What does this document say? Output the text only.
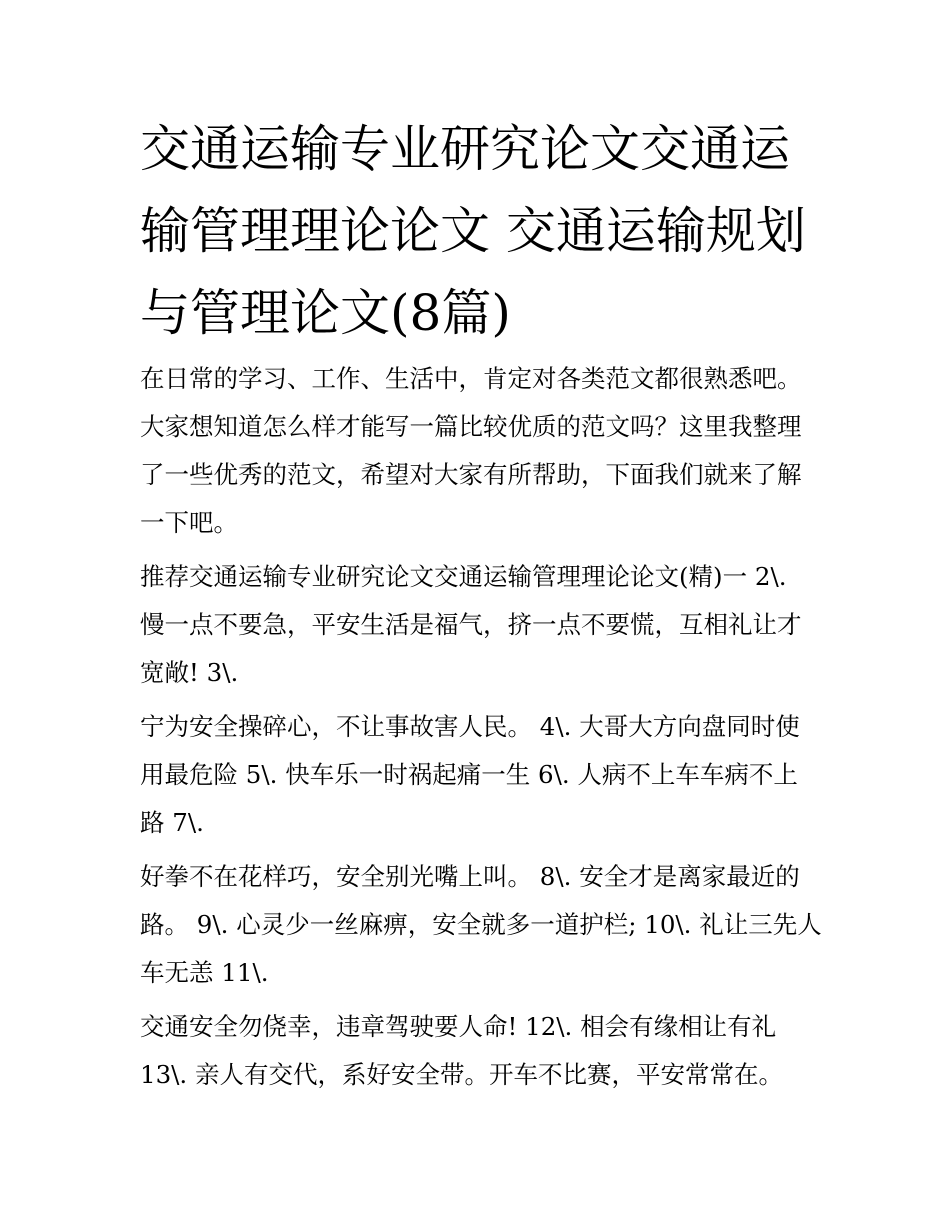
交通运输专业研究论文交通运输管理理论论文 交通运输规划与管理论文(8篇)

在日常的学习、工作、生活中，肯定对各类范文都很熟悉吧。
大家想知道怎么样才能写一篇比较优质的范文吗？这里我整理
了一些优秀的范文，希望对大家有所帮助，下面我们就来了解
一下吧。

推荐交通运输专业研究论文交通运输管理理论论文(精)一 2\.
慢一点不要急，平安生活是福气，挤一点不要慌，互相礼让才
宽敞! 3\.

宁为安全操碎心，不让事故害人民。 4\. 大哥大方向盘同时使
用最危险 5\. 快车乐一时祸起痛一生 6\. 人病不上车车病不上
路 7\.

好拳不在花样巧，安全别光嘴上叫。 8\. 安全才是离家最近的
路。 9\. 心灵少一丝麻痹，安全就多一道护栏; 10\. 礼让三先人
车无恙 11\.

交通安全勿侥幸，违章驾驶要人命! 12\. 相会有缘相让有礼
13\. 亲人有交代，系好安全带。开车不比赛，平安常常在。
